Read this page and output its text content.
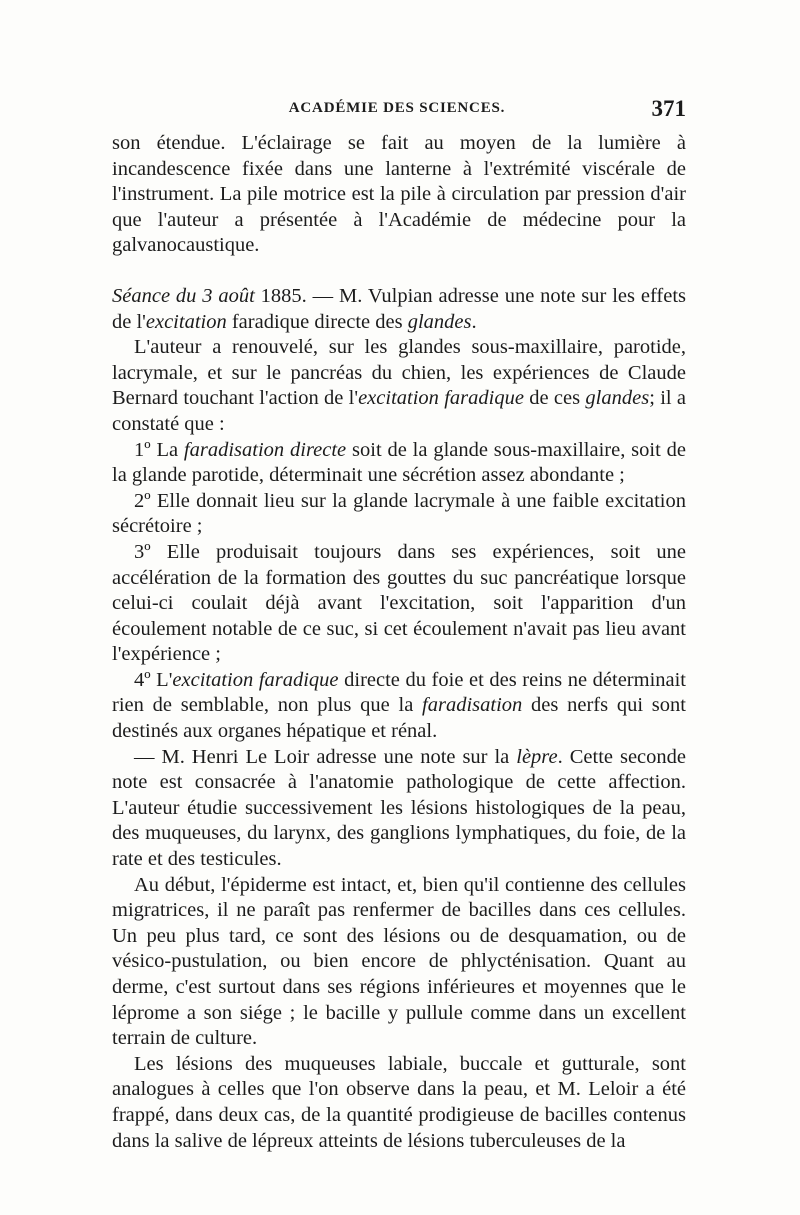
ACADÉMIE DES SCIENCES.	371

son étendue. L'éclairage se fait au moyen de la lumière à incandescence fixée dans une lanterne à l'extrémité viscérale de l'instrument. La pile motrice est la pile à circulation par pression d'air que l'auteur a présentée à l'Académie de médecine pour la galvanocaustique.

Séance du 3 août 1885. — M. Vulpian adresse une note sur les effets de l'excitation faradique directe des glandes.

L'auteur a renouvelé, sur les glandes sous-maxillaire, parotide, lacrymale, et sur le pancréas du chien, les expériences de Claude Bernard touchant l'action de l'excitation faradique de ces glandes; il a constaté que :

1º La faradisation directe soit de la glande sous-maxillaire, soit de la glande parotide, déterminait une sécrétion assez abondante ;

2º Elle donnait lieu sur la glande lacrymale à une faible excitation sécrétoire ;

3º Elle produisait toujours dans ses expériences, soit une accélération de la formation des gouttes du suc pancréatique lorsque celui-ci coulait déjà avant l'excitation, soit l'apparition d'un écoulement notable de ce suc, si cet écoulement n'avait pas lieu avant l'expérience ;

4º L'excitation faradique directe du foie et des reins ne déterminait rien de semblable, non plus que la faradisation des nerfs qui sont destinés aux organes hépatique et rénal.

— M. Henri Le Loir adresse une note sur la lèpre. Cette seconde note est consacrée à l'anatomie pathologique de cette affection. L'auteur étudie successivement les lésions histologiques de la peau, des muqueuses, du larynx, des ganglions lymphatiques, du foie, de la rate et des testicules.

Au début, l'épiderme est intact, et, bien qu'il contienne des cellules migratrices, il ne paraît pas renfermer de bacilles dans ces cellules. Un peu plus tard, ce sont des lésions ou de desquamation, ou de vésico-pustulation, ou bien encore de phlycténisation. Quant au derme, c'est surtout dans ses régions inférieures et moyennes que le léprome a son siége ; le bacille y pullule comme dans un excellent terrain de culture.

Les lésions des muqueuses labiale, buccale et gutturale, sont analogues à celles que l'on observe dans la peau, et M. Leloir a été frappé, dans deux cas, de la quantité prodigieuse de bacilles contenus dans la salive de lépreux atteints de lésions tuberculeuses de la
